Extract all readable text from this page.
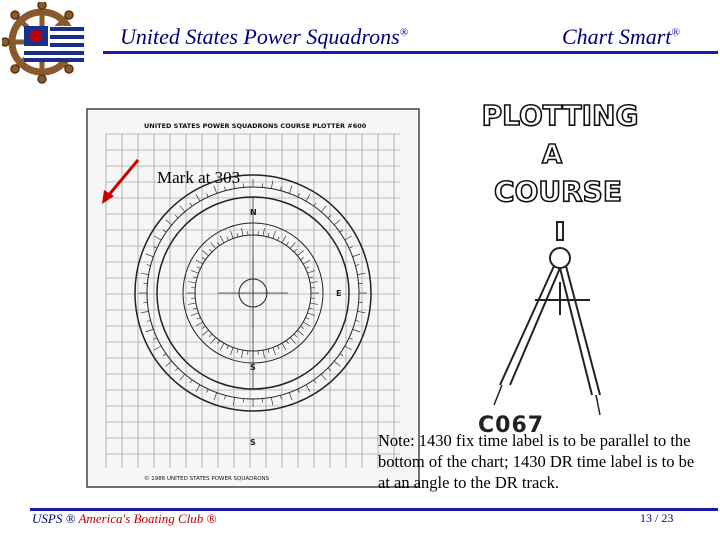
United States Power Squadrons®	Chart Smart®
UNITED STATES POWER SQUADRONS COURSE PLOTTER #600
N
S
S
E
© 1986 UNITED STATES POWER SQUADRONS
Mark at 303
PLOTTING
A
COURSE
C067
Note: 1430 fix time label is to be parallel to the bottom of the chart; 1430 DR time label is to be at an angle to the DR track.
USPS ® America's Boating Club ®	13 / 23
